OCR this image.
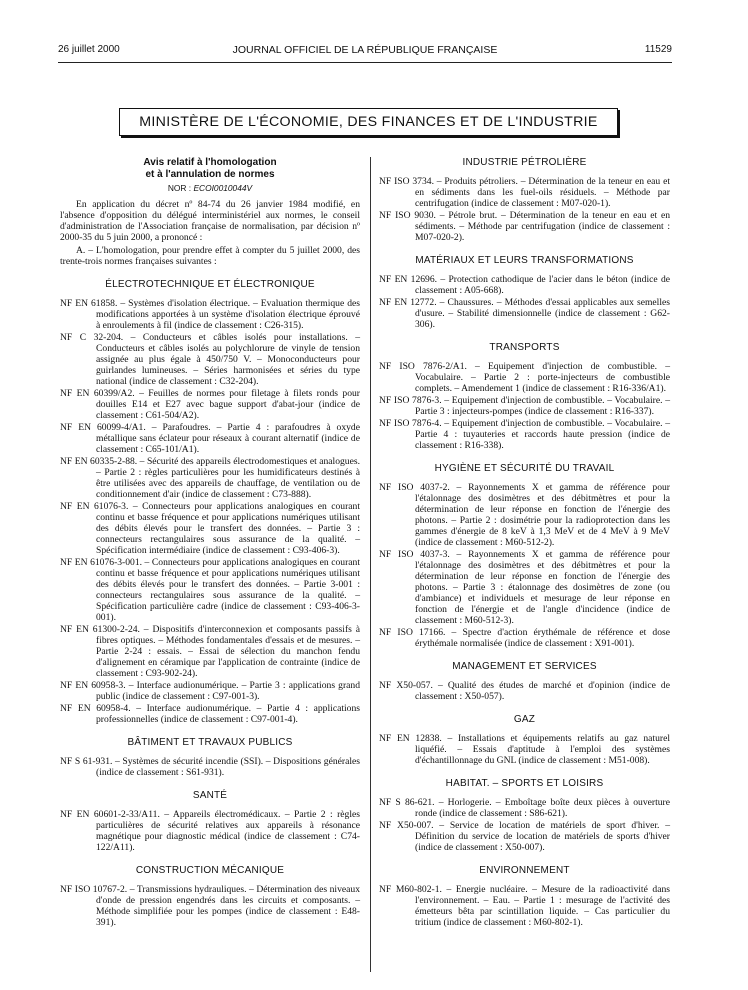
26 juillet 2000	JOURNAL OFFICIEL DE LA RÉPUBLIQUE FRANÇAISE	11529
MINISTÈRE DE L'ÉCONOMIE, DES FINANCES ET DE L'INDUSTRIE
Avis relatif à l'homologation
et à l'annulation de normes
NOR : ECOI0010044V

En application du décret nº 84-74 du 26 janvier 1984 modifié, en l'absence d'opposition du délégué interministériel aux normes, le conseil d'administration de l'Association française de normalisation, par décision nº 2000-35 du 5 juin 2000, a prononcé :

A. – L'homologation, pour prendre effet à compter du 5 juillet 2000, des trente-trois normes françaises suivantes :

ÉLECTROTECHNIQUE ET ÉLECTRONIQUE
NF EN 61858. – Systèmes d'isolation électrique. – Evaluation thermique des modifications apportées à un système d'isolation électrique éprouvé à enroulements à fil (indice de classement : C26-315).
NF C 32-204. – Conducteurs et câbles isolés pour installations. – Conducteurs et câbles isolés au polychlorure de vinyle de tension assignée au plus égale à 450/750 V. – Monoconducteurs pour guirlandes lumineuses. – Séries harmonisées et séries du type national (indice de classement : C32-204).
NF EN 60399/A2. – Feuilles de normes pour filetage à filets ronds pour douilles E14 et E27 avec bague support d'abat-jour (indice de classement : C61-504/A2).
NF EN 60099-4/A1. – Parafoudres. – Partie 4 : parafoudres à oxyde métallique sans éclateur pour réseaux à courant alternatif (indice de classement : C65-101/A1).
NF EN 60335-2-88. – Sécurité des appareils électrodomestiques et analogues. – Partie 2 : règles particulières pour les humidificateurs destinés à être utilisées avec des appareils de chauffage, de ventilation ou de conditionnement d'air (indice de classement : C73-888).
NF EN 61076-3. – Connecteurs pour applications analogiques en courant continu et basse fréquence et pour applications numériques utilisant des débits élevés pour le transfert des données. – Partie 3 : connecteurs rectangulaires sous assurance de la qualité. – Spécification intermédiaire (indice de classement : C93-406-3).
NF EN 61076-3-001. – Connecteurs pour applications analogiques en courant continu et basse fréquence et pour applications numériques utilisant des débits élevés pour le transfert des données. – Partie 3-001 : connecteurs rectangulaires sous assurance de la qualité. – Spécification particulière cadre (indice de classement : C93-406-3-001).
NF EN 61300-2-24. – Dispositifs d'interconnexion et composants passifs à fibres optiques. – Méthodes fondamentales d'essais et de mesures. – Partie 2-24 : essais. – Essai de sélection du manchon fendu d'alignement en céramique par l'application de contrainte (indice de classement : C93-902-24).
NF EN 60958-3. – Interface audionumérique. – Partie 3 : applications grand public (indice de classement : C97-001-3).
NF EN 60958-4. – Interface audionumérique. – Partie 4 : applications professionnelles (indice de classement : C97-001-4).
BÂTIMENT ET TRAVAUX PUBLICS
NF S 61-931. – Systèmes de sécurité incendie (SSI). – Dispositions générales (indice de classement : S61-931).
SANTÉ
NF EN 60601-2-33/A11. – Appareils électromédicaux. – Partie 2 : règles particulières de sécurité relatives aux appareils à résonance magnétique pour diagnostic médical (indice de classement : C74-122/A11).
CONSTRUCTION MÉCANIQUE
NF ISO 10767-2. – Transmissions hydrauliques. – Détermination des niveaux d'onde de pression engendrés dans les circuits et composants. – Méthode simplifiée pour les pompes (indice de classement : E48-391).
INDUSTRIE PÉTROLIÈRE
NF ISO 3734. – Produits pétroliers. – Détermination de la teneur en eau et en sédiments dans les fuel-oils résiduels. – Méthode par centrifugation (indice de classement : M07-020-1).
NF ISO 9030. – Pétrole brut. – Détermination de la teneur en eau et en sédiments. – Méthode par centrifugation (indice de classement : M07-020-2).
MATÉRIAUX ET LEURS TRANSFORMATIONS
NF EN 12696. – Protection cathodique de l'acier dans le béton (indice de classement : A05-668).
NF EN 12772. – Chaussures. – Méthodes d'essai applicables aux semelles d'usure. – Stabilité dimensionnelle (indice de classement : G62-306).
TRANSPORTS
NF ISO 7876-2/A1. – Equipement d'injection de combustible. – Vocabulaire. – Partie 2 : porte-injecteurs de combustible complets. – Amendement 1 (indice de classement : R16-336/A1).
NF ISO 7876-3. – Equipement d'injection de combustible. – Vocabulaire. – Partie 3 : injecteurs-pompes (indice de classement : R16-337).
NF ISO 7876-4. – Equipement d'injection de combustible. – Vocabulaire. – Partie 4 : tuyauteries et raccords haute pression (indice de classement : R16-338).
HYGIÈNE ET SÉCURITÉ DU TRAVAIL
NF ISO 4037-2. – Rayonnements X et gamma de référence pour l'étalonnage des dosimètres et des débitmètres et pour la détermination de leur réponse en fonction de l'énergie des photons. – Partie 2 : dosimétrie pour la radioprotection dans les gammes d'énergie de 8 keV à 1,3 MeV et de 4 MeV à 9 MeV (indice de classement : M60-512-2).
NF ISO 4037-3. – Rayonnements X et gamma de référence pour l'étalonnage des dosimètres et des débitmètres et pour la détermination de leur réponse en fonction de l'énergie des photons. – Partie 3 : étalonnage des dosimètres de zone (ou d'ambiance) et individuels et mesurage de leur réponse en fonction de l'énergie et de l'angle d'incidence (indice de classement : M60-512-3).
NF ISO 17166. – Spectre d'action érythémale de référence et dose érythémale normalisée (indice de classement : X91-001).
MANAGEMENT ET SERVICES
NF X50-057. – Qualité des études de marché et d'opinion (indice de classement : X50-057).
GAZ
NF EN 12838. – Installations et équipements relatifs au gaz naturel liquéfié. – Essais d'aptitude à l'emploi des systèmes d'échantillonnage du GNL (indice de classement : M51-008).
HABITAT. – SPORTS ET LOISIRS
NF S 86-621. – Horlogerie. – Emboîtage boîte deux pièces à ouverture ronde (indice de classement : S86-621).
NF X50-007. – Service de location de matériels de sport d'hiver. – Définition du service de location de matériels de sports d'hiver (indice de classement : X50-007).
ENVIRONNEMENT
NF M60-802-1. – Energie nucléaire. – Mesure de la radioactivité dans l'environnement. – Eau. – Partie 1 : mesurage de l'activité des émetteurs bêta par scintillation liquide. – Cas particulier du tritium (indice de classement : M60-802-1).
